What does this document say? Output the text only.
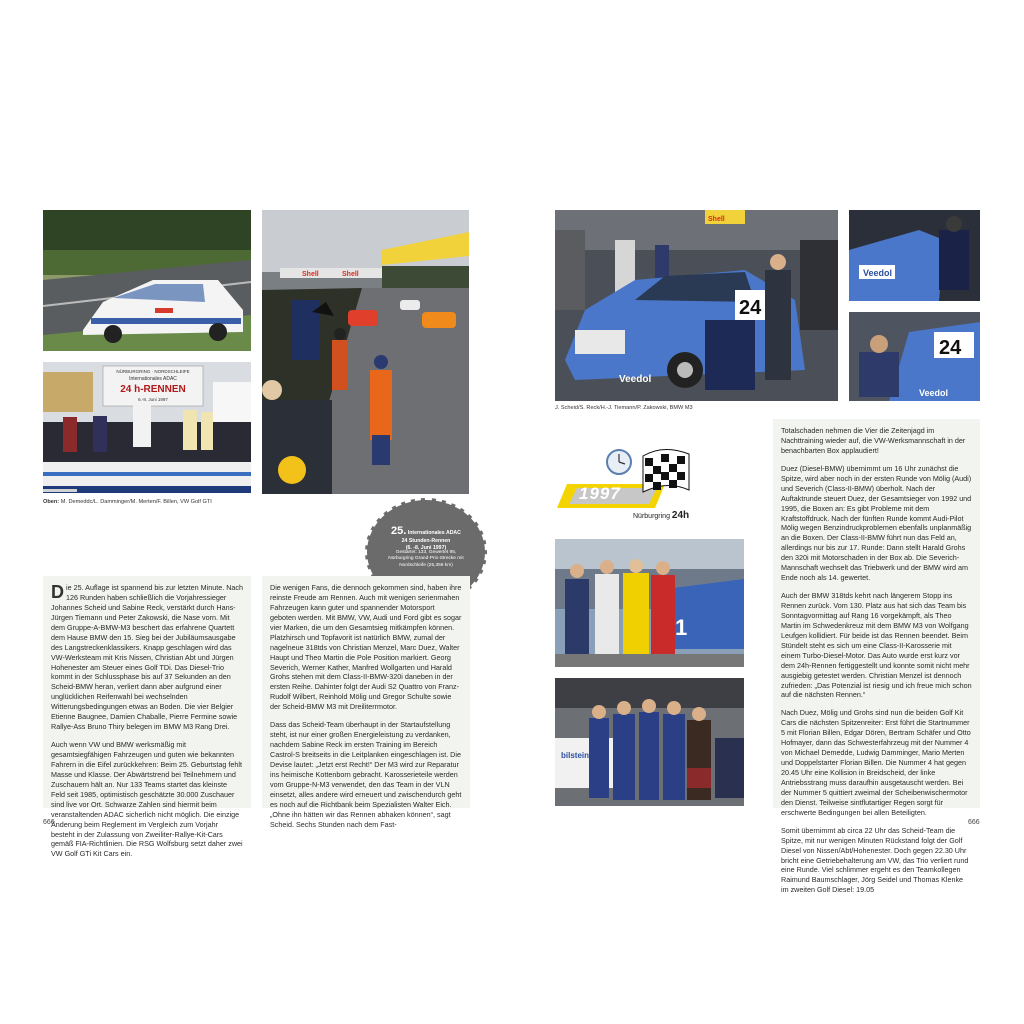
NÜRBURGRING · NORDSCHLEIFE
Internationales ADAC
24 h-RENNEN
6.-8. Juni 1997
Shell	Shell
Oben: M. Demeddc/L. Damminger/M. Merten/F. Billen, VW Golf GTI
25. Internationales ADAC
24 Stunden-Rennen
(6. -8. Juni 1997)
Gestartet: 133, Gewertet 95,
Nürburgring Grand-Prix-Strecke mit
Nordschleife (25,359 km)

Die 25. Auflage ist spannend bis zur letzten Minute. Nach 126 Runden haben schließlich die Vorjahressieger Johannes Scheid und Sabine Reck, verstärkt durch Hans-Jürgen Tiemann und Peter Zakowski, die Nase vorn. Mit dem Gruppe-A-BMW-M3 beschert das erfahrene Quartett dem Hause BMW den 15. Sieg bei der Jubiläumsausgabe des Langstreckenklassikers. Knapp geschlagen wird das VW-Werksteam mit Kris Nissen, Christian Abt und Jürgen Hohenester am Steuer eines Golf TDi. Das Diesel-Trio kommt in der Schlussphase bis auf 37 Sekunden an den Scheid-BMW heran, verliert dann aber aufgrund einer unglücklichen Reifenwahl bei wechselnden Witterungsbedingungen etwas an Boden. Die vier Belgier Etienne Baugnee, Damien Chaballe, Pierre Fermine sowie Rallye-Ass Bruno Thiry belegen im BMW M3 Rang Drei.

Auch wenn VW und BMW werksmäßig mit gesamtsiegfähigen Fahrzeugen und guten wie bekannten Fahrern in die Eifel zurückkehren: Beim 25. Geburtstag fehlt Masse und Klasse. Der Abwärtstrend bei Teilnehmern und Zuschauern hält an. Nur 133 Teams startet das kleinste Feld seit 1985, optimistisch geschätzte 30.000 Zuschauer sind live vor Ort. Schwarze Zahlen sind hiermit beim veranstaltenden ADAC sicherlich nicht möglich. Die einzige Änderung beim Reglement im Vergleich zum Vorjahr besteht in der Zulassung von Zweiliter-Rallye-Kit-Cars gemäß FIA-Richtlinien. Die RSG Wolfsburg setzt daher zwei VW Golf GTi Kit Cars ein.

Die wenigen Fans, die dennoch gekommen sind, haben ihre reinste Freude am Rennen. Auch mit wenigen serienmahen Fahrzeugen kann guter und spannender Motorsport geboten werden. Mit BMW, VW, Audi und Ford gibt es sogar vier Marken, die um den Gesamtsieg mitkämpfen können. Platzhirsch und Topfavorit ist natürlich BMW, zumal der nagelneue 318tds von Christian Menzel, Marc Duez, Walter Haupt und Theo Martin die Pole Position markiert. Georg Severich, Werner Kather, Manfred Wollgarten und Harald Grohs stehen mit dem Class-II-BMW-320i daneben in der ersten Reihe. Dahinter folgt der Audi S2 Quattro von Franz-Rudolf Wilbert, Reinhold Mölig und Gregor Schulte sowie der Scheid-BMW M3 mit Dreiliterrmotor.

Dass das Scheid-Team überhaupt in der Startaufstellung steht, ist nur einer großen Energieleistung zu verdanken, nachdem Sabine Reck im ersten Training im Bereich Castrol-S breitseits in die Leitplanken eingeschlagen ist. Die Devise lautet: „Jetzt erst Recht!“ Der M3 wird zur Reparatur ins heimische Kottenborn gebracht. Karosserieteile werden vom Gruppe-N-M3 verwendet, den das Team in der VLN einsetzt, alles andere wird erneuert und zwischendurch geht es noch auf die Richtbank beim Spezialisten Walter Eich. „Ohne ihn hätten wir das Rennen abhaken können“, sagt Scheid. Sechs Stunden nach dem Fast-

666
Shell
Veedol
24
Veedol
24
Veedol
J. Scheid/S. Reck/H.-J. Tiemann/P. Zakowski, BMW M3
1997
Nürburgring 24h
1
bilstein

Totalschaden nehmen die Vier die Zeitenjagd im Nachttraining wieder auf, die VW-Werksmannschaft in der benachbarten Box applaudiert!

Duez (Diesel-BMW) übernimmt um 16 Uhr zunächst die Spitze, wird aber noch in der ersten Runde von Mölig (Audi) und Severich (Class-II-BMW) überholt. Nach der Auftaktrunde steuert Duez, der Gesamtsieger von 1992 und 1995, die Boxen an: Es gibt Probleme mit dem Kraftstoffdruck. Nach der fünften Runde kommt Audi-Pilot Mölig wegen Benzindruckproblemen ebenfalls unplanmäßig an die Boxen. Der Class-II-BMW führt nun das Feld an, allerdings nur bis zur 17. Runde: Dann stellt Harald Grohs den 320i mit Motorschaden in der Box ab. Die Severich-Mannschaft wechselt das Triebwerk und der BMW wird am Ende noch als 14. gewertet.

Auch der BMW 318tds kehrt nach längerem Stopp ins Rennen zurück. Vom 130. Platz aus hat sich das Team bis Sonntagvormittag auf Rang 16 vorgekämpft, als Theo Martin im Schwedenkreuz mit dem BMW M3 von Wolfgang Leufgen kollidiert. Für beide ist das Rennen beendet. Beim Stündelt steht es sich um eine Class-II-Karosserie mit einem Turbo-Diesel-Motor. Das Auto wurde erst kurz vor dem 24h-Rennen fertiggestellt und konnte somit nicht mehr ausgiebig getestet werden. Christian Menzel ist dennoch zufrieden: „Das Potenzial ist riesig und ich freue mich schon auf die nächsten Rennen.“

Nach Duez, Mölig und Grohs sind nun die beiden Golf Kit Cars die nächsten Spitzenreiter: Erst führt die Startnummer 5 mit Florian Billen, Edgar Dören, Bertram Schäfer und Otto Hofmayer, dann das Schwesterfahrzeug mit der Nummer 4 von Michael Demedde, Ludwig Damminger, Mario Merten und Doppelstarter Florian Billen. Die Nummer 4 hat gegen 20.45 Uhr eine Kollision in Breidscheid, der linke Antriebsstrang muss daraufhin ausgetauscht werden. Bei der Nummer 5 quittiert zweimal der Scheibenwischermotor den Dienst. Teilweise sintflutartiger Regen sorgt für erschwerte Bedingungen bei allen Beteiligten.

Somit übernimmt ab circa 22 Uhr das Scheid-Team die Spitze, mit nur wenigen Minuten Rückstand folgt der Golf Diesel von Nissen/Abt/Hohenester. Doch gegen 22.30 Uhr bricht eine Getriebehalterung am VW, das Trio verliert rund eine Runde. Viel schlimmer ergeht es den Teamkollegen Raimund Baumschlager, Jörg Seidel und Thomas Klenke im zweiten Golf Diesel: 19.05

666
